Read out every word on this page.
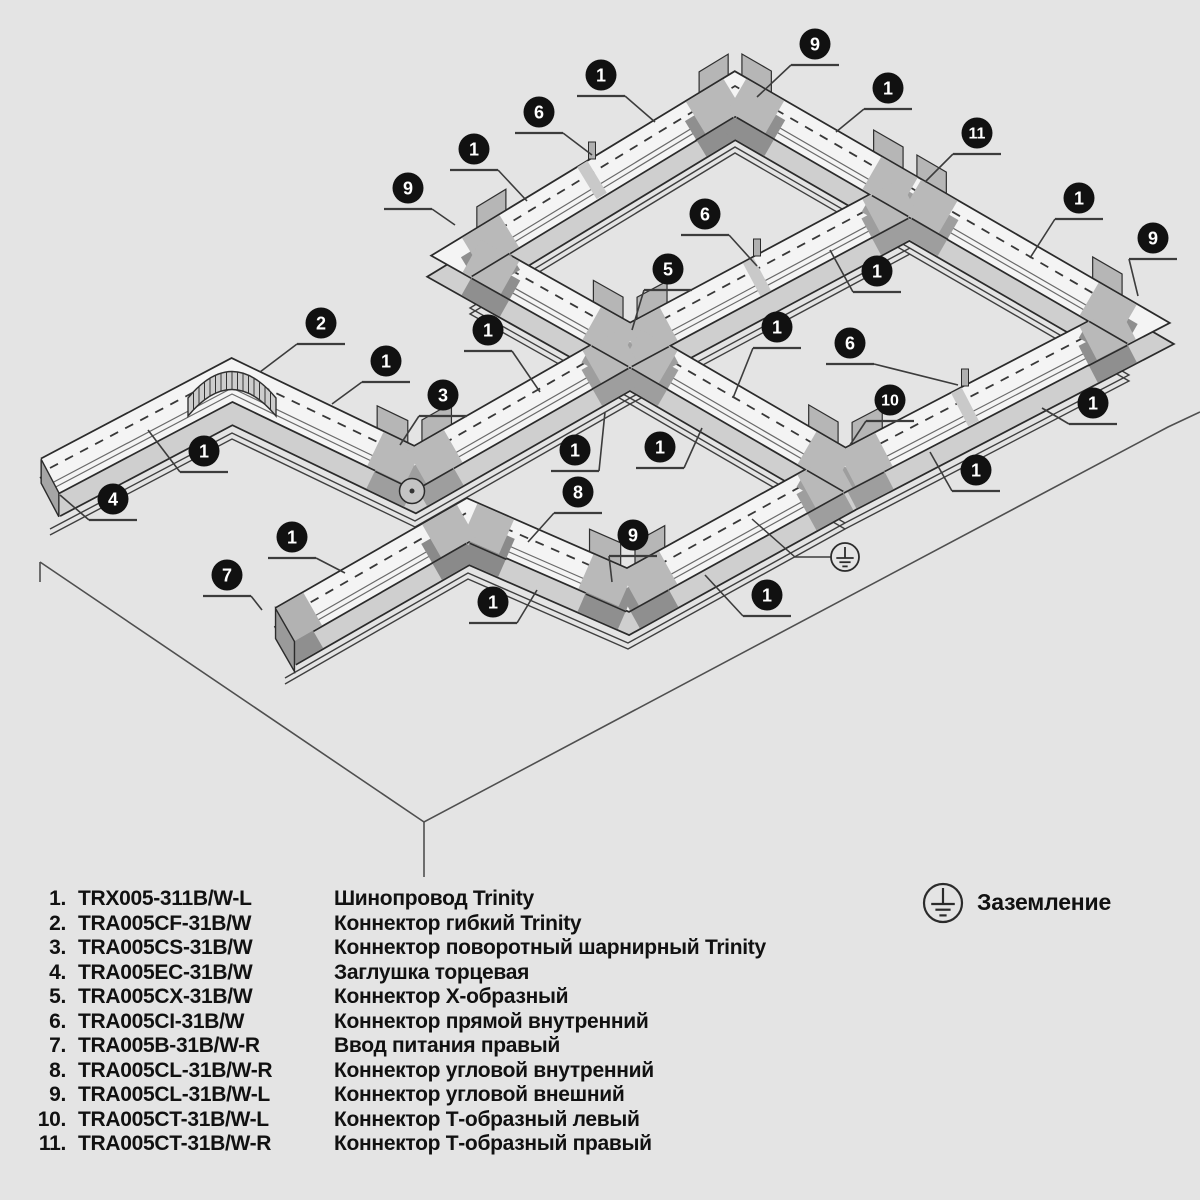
9
1
1
6
11
1
9	1
6
9
5	1
2	1
1
6
1
3	10	1
1
1
1
1
4	8
1	9
7
1
1
1. TRX005-311B/W-L	Шинопровод Trinity
2. TRA005CF-31B/W	Коннектор гибкий Trinity
3. TRA005CS-31B/W	Коннектор поворотный шарнирный Trinity
4. TRA005EC-31B/W	Заглушка торцевая
5. TRA005CX-31B/W	Коннектор Х-образный
6. TRA005CI-31B/W	Коннектор прямой внутренний
7. TRA005B-31B/W-R	Ввод питания правый
8. TRA005CL-31B/W-R	Коннектор угловой внутренний
9. TRA005CL-31B/W-L	Коннектор угловой внешний
10. TRA005CT-31B/W-L	Коннектор Т-образный левый
11. TRA005CT-31B/W-R	Коннектор Т-образный правый
Заземление
